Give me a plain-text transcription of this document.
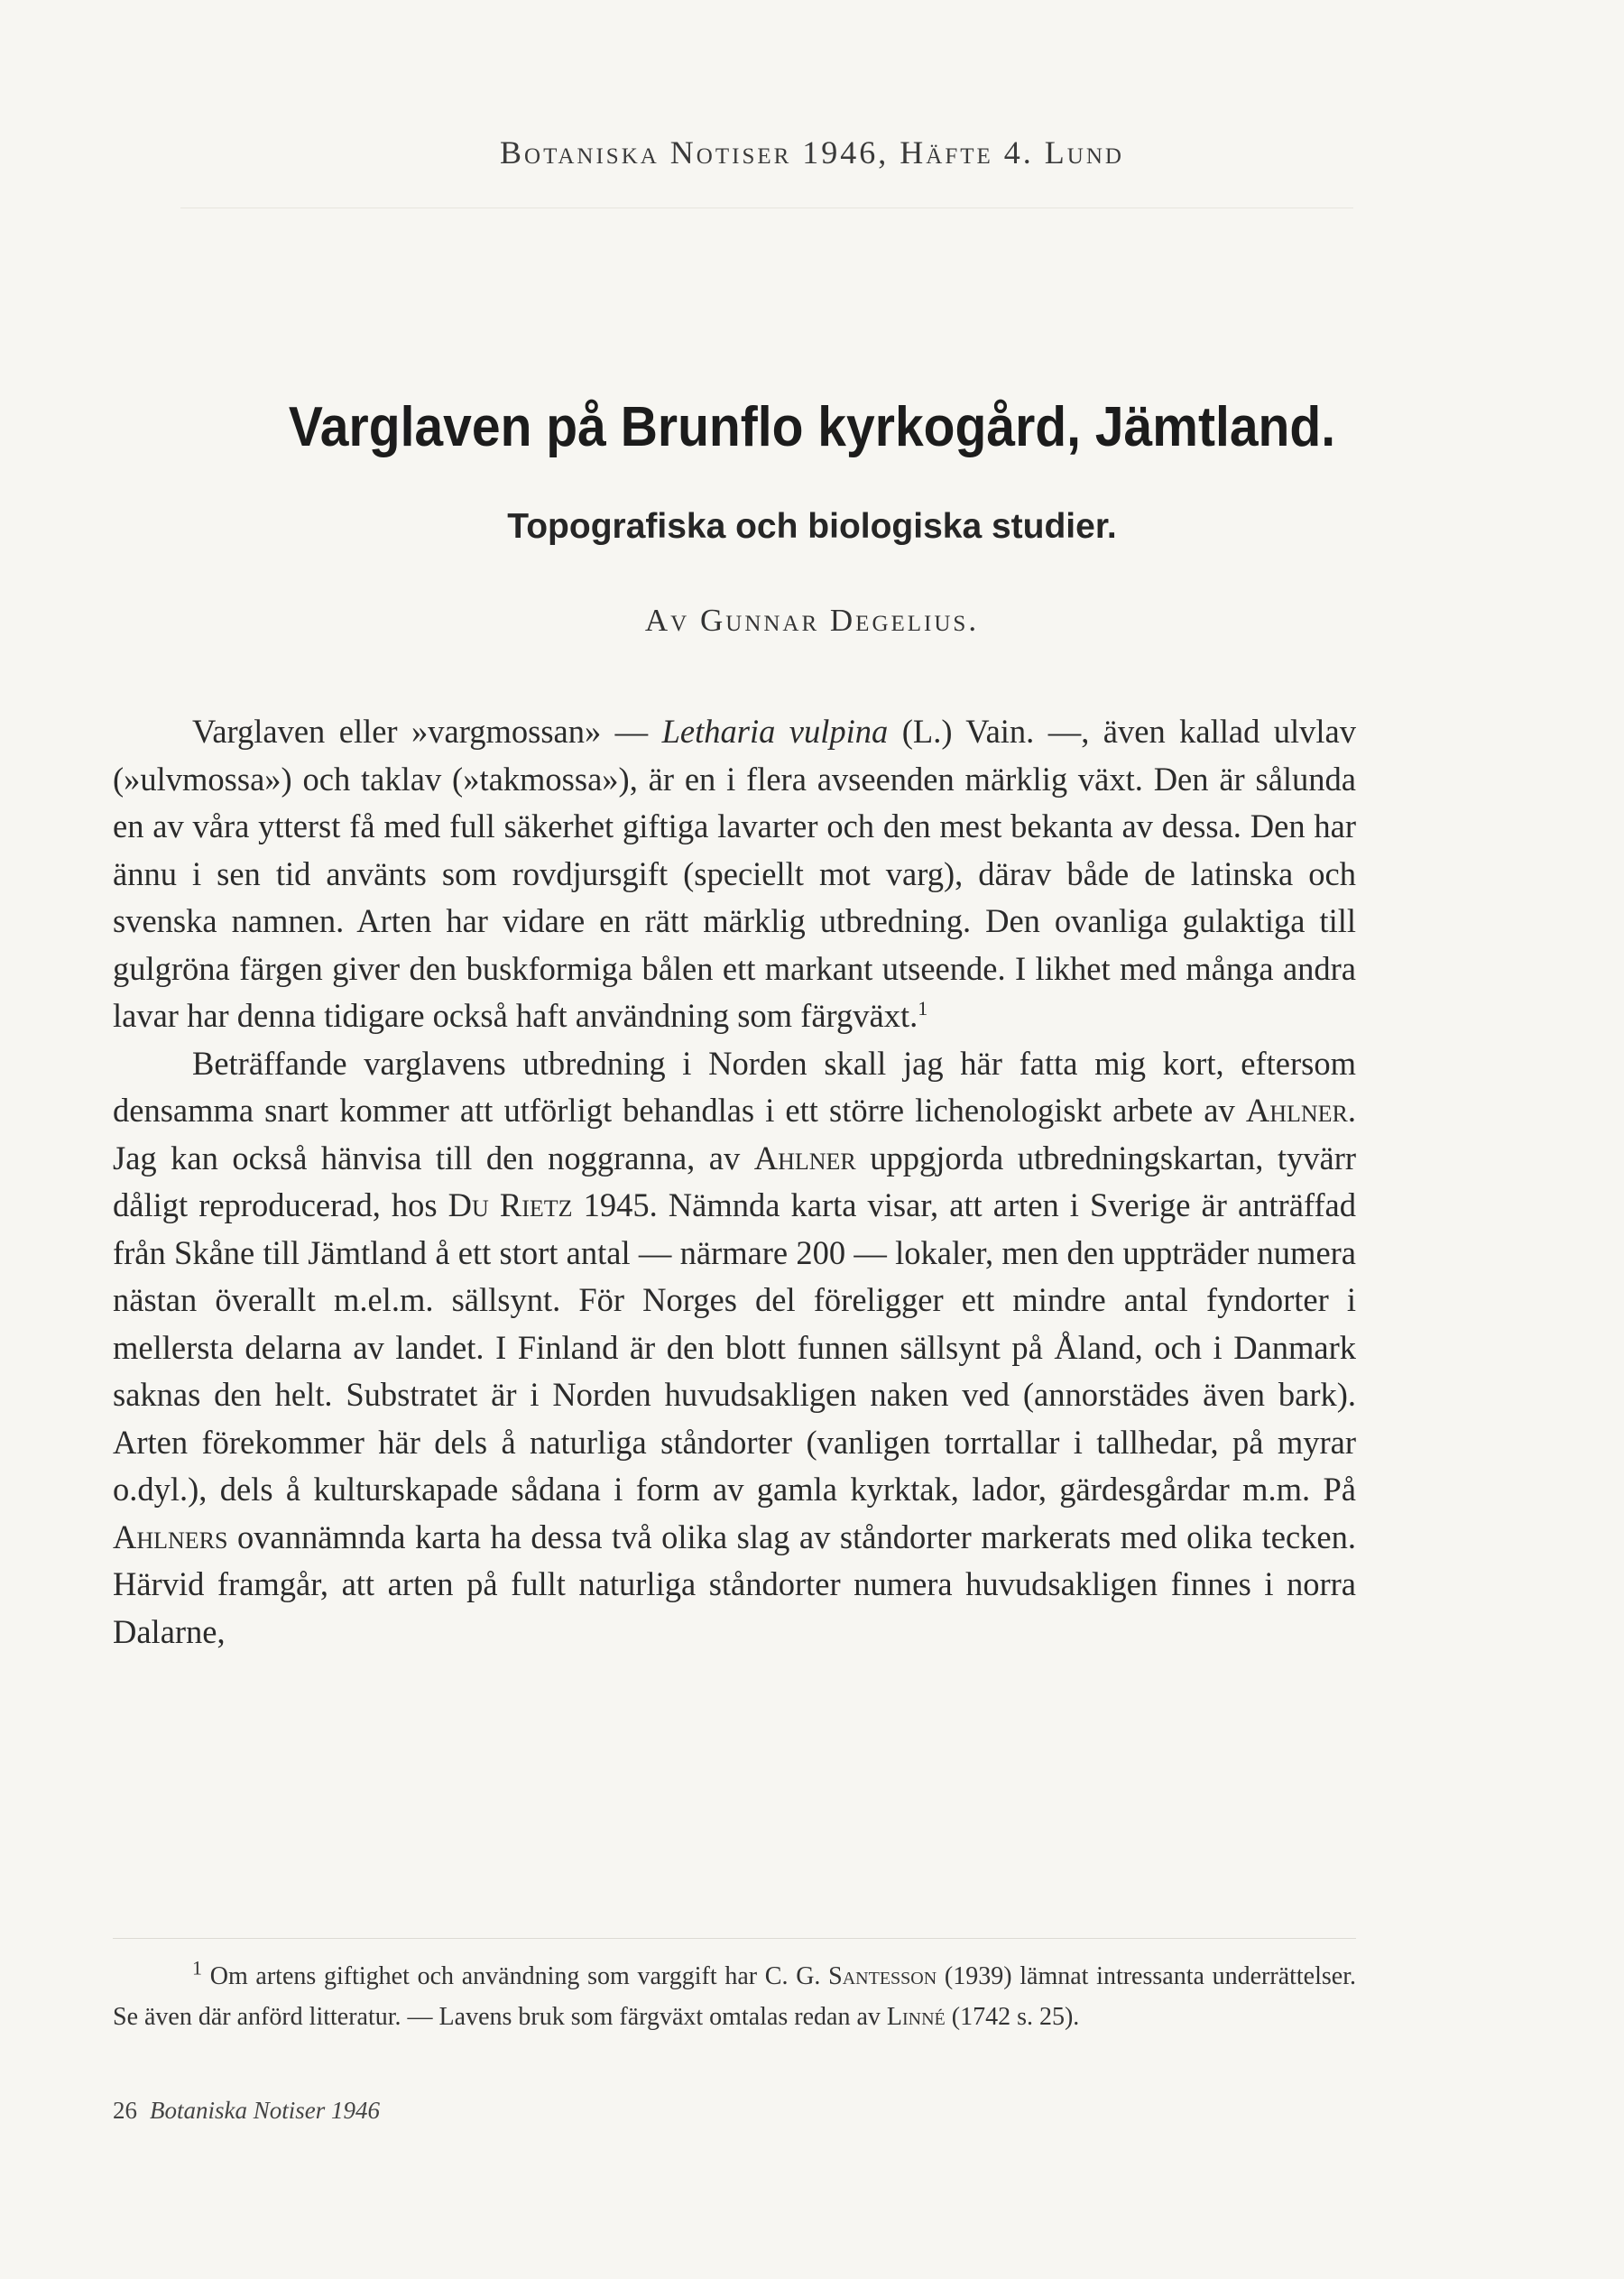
Botaniska Notiser 1946, Häfte 4. Lund
Varglaven på Brunflo kyrkogård, Jämtland.
Topografiska och biologiska studier.
Av Gunnar Degelius.

Varglaven eller »vargmossan» — Letharia vulpina (L.) Vain. —, även kallad ulvlav (»ulvmossa») och taklav (»takmossa»), är en i flera avseenden märklig växt. Den är sålunda en av våra ytterst få med full säkerhet giftiga lavarter och den mest bekanta av dessa. Den har ännu i sen tid använts som rovdjursgift (speciellt mot varg), därav både de latinska och svenska namnen. Arten har vidare en rätt märklig utbredning. Den ovanliga gulaktiga till gulgröna färgen giver den buskformiga bålen ett markant utseende. I likhet med många andra lavar har denna tidigare också haft användning som färgväxt.$^1$

Beträffande varglavens utbredning i Norden skall jag här fatta mig kort, eftersom densamma snart kommer att utförligt behandlas i ett större lichenologiskt arbete av Ahlner. Jag kan också hänvisa till den noggranna, av Ahlner uppgjorda utbredningskartan, tyvärr dåligt reproducerad, hos Du Rietz 1945. Nämnda karta visar, att arten i Sverige är anträffad från Skåne till Jämtland å ett stort antal — närmare 200 — lokaler, men den uppträder numera nästan överallt m.el.m. sällsynt. För Norges del föreligger ett mindre antal fyndorter i mellersta delarna av landet. I Finland är den blott funnen sällsynt på Åland, och i Danmark saknas den helt. Substratet är i Norden huvudsakligen naken ved (annorstädes även bark). Arten förekommer här dels å naturliga ståndorter (vanligen torrtallar i tallhedar, på myrar o.dyl.), dels å kulturskapade sådana i form av gamla kyrktak, lador, gärdesgårdar m.m. På Ahlners ovannämnda karta ha dessa två olika slag av ståndorter markerats med olika tecken. Härvid framgår, att arten på fullt naturliga ståndorter numera huvudsakligen finnes i norra Dalarne,

$^1$ Om artens giftighet och användning som varggift har C. G. Santesson (1939) lämnat intressanta underrättelser. Se även där anförd litteratur. — Lavens bruk som färgväxt omtalas redan av Linné (1742 s. 25).
26 Botaniska Notiser 1946
